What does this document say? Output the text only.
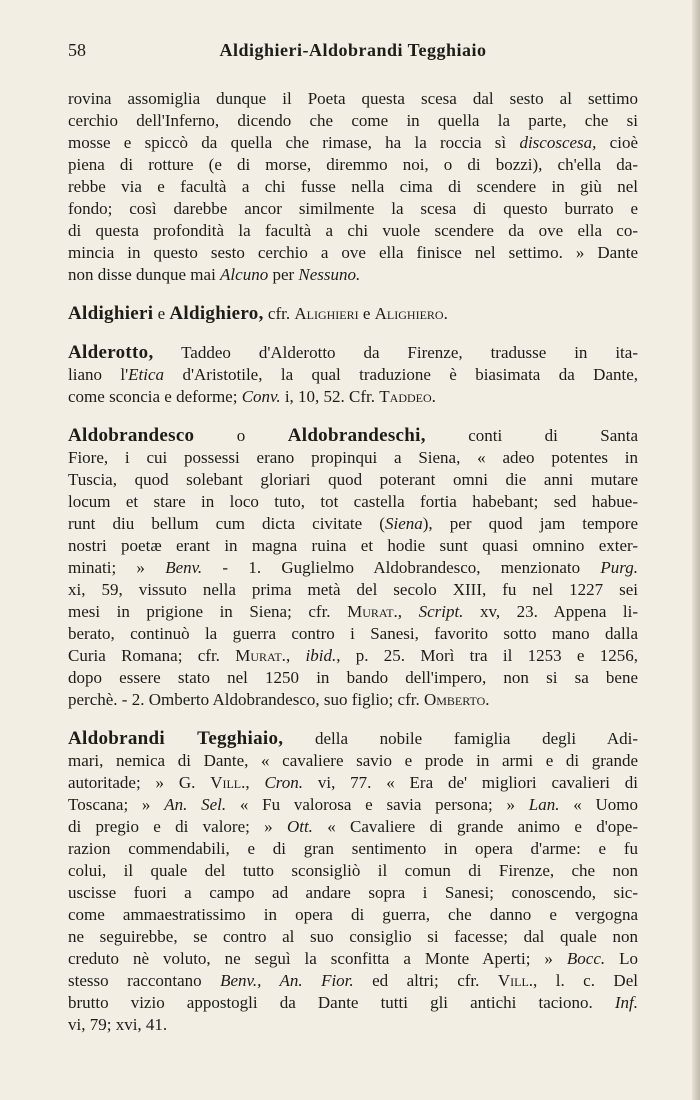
58	Aldighieri-Aldobrandi Tegghiaio

rovina assomiglia dunque il Poeta questa scesa dal sesto al settimo
cerchio dell'Inferno, dicendo che come in quella la parte, che si
mosse e spiccò da quella che rimase, ha la roccia sì discoscesa, cioè
piena di rotture (e di morse, diremmo noi, o di bozzi), ch'ella da-
rebbe via e facultà a chi fusse nella cima di scendere in giù nel
fondo; così darebbe ancor similmente la scesa di questo burrato e
di questa profondità la facultà a chi vuole scendere da ove ella co-
mincia in questo sesto cerchio a ove ella finisce nel settimo. » Dante
non disse dunque mai Alcuno per Nessuno.

Aldighieri e Aldighiero, cfr. Alighieri e Alighiero.

Alderotto, Taddeo d'Alderotto da Firenze, tradusse in ita-
liano l'Etica d'Aristotile, la qual traduzione è biasimata da Dante,
come sconcia e deforme; Conv. i, 10, 52. Cfr. Taddeo.

Aldobrandesco o Aldobrandeschi, conti di Santa
Fiore, i cui possessi erano propinqui a Siena, « adeo potentes in
Tuscia, quod solebant gloriari quod poterant omni die anni mutare
locum et stare in loco tuto, tot castella fortia habebant; sed habue-
runt diu bellum cum dicta civitate (Siena), per quod jam tempore
nostri poetæ erant in magna ruina et hodie sunt quasi omnino exter-
minati; » Benv. - 1. Guglielmo Aldobrandesco, menzionato Purg.
xi, 59, vissuto nella prima metà del secolo XIII, fu nel 1227 sei
mesi in prigione in Siena; cfr. Murat., Script. xv, 23. Appena li-
berato, continuò la guerra contro i Sanesi, favorito sotto mano dalla
Curia Romana; cfr. Murat., ibid., p. 25. Morì tra il 1253 e 1256,
dopo essere stato nel 1250 in bando dell'impero, non si sa bene
perchè. - 2. Omberto Aldobrandesco, suo figlio; cfr. Omberto.

Aldobrandi Tegghiaio, della nobile famiglia degli Adi-
mari, nemica di Dante, « cavaliere savio e prode in armi e di grande
autoritade; » G. Vill., Cron. vi, 77. « Era de' migliori cavalieri di
Toscana; » An. Sel. « Fu valorosa e savia persona; » Lan. « Uomo
di pregio e di valore; » Ott. « Cavaliere di grande animo e d'ope-
razion commendabili, e di gran sentimento in opera d'arme: e fu
colui, il quale del tutto sconsigliò il comun di Firenze, che non
uscisse fuori a campo ad andare sopra i Sanesi; conoscendo, sic-
come ammaestratissimo in opera di guerra, che danno e vergogna
ne seguirebbe, se contro al suo consiglio si facesse; dal quale non
creduto nè voluto, ne seguì la sconfitta a Monte Aperti; » Bocc. Lo
stesso raccontano Benv., An. Fior. ed altri; cfr. Vill., l. c. Del
brutto vizio appostogli da Dante tutti gli antichi taciono. Inf.
vi, 79; xvi, 41.
